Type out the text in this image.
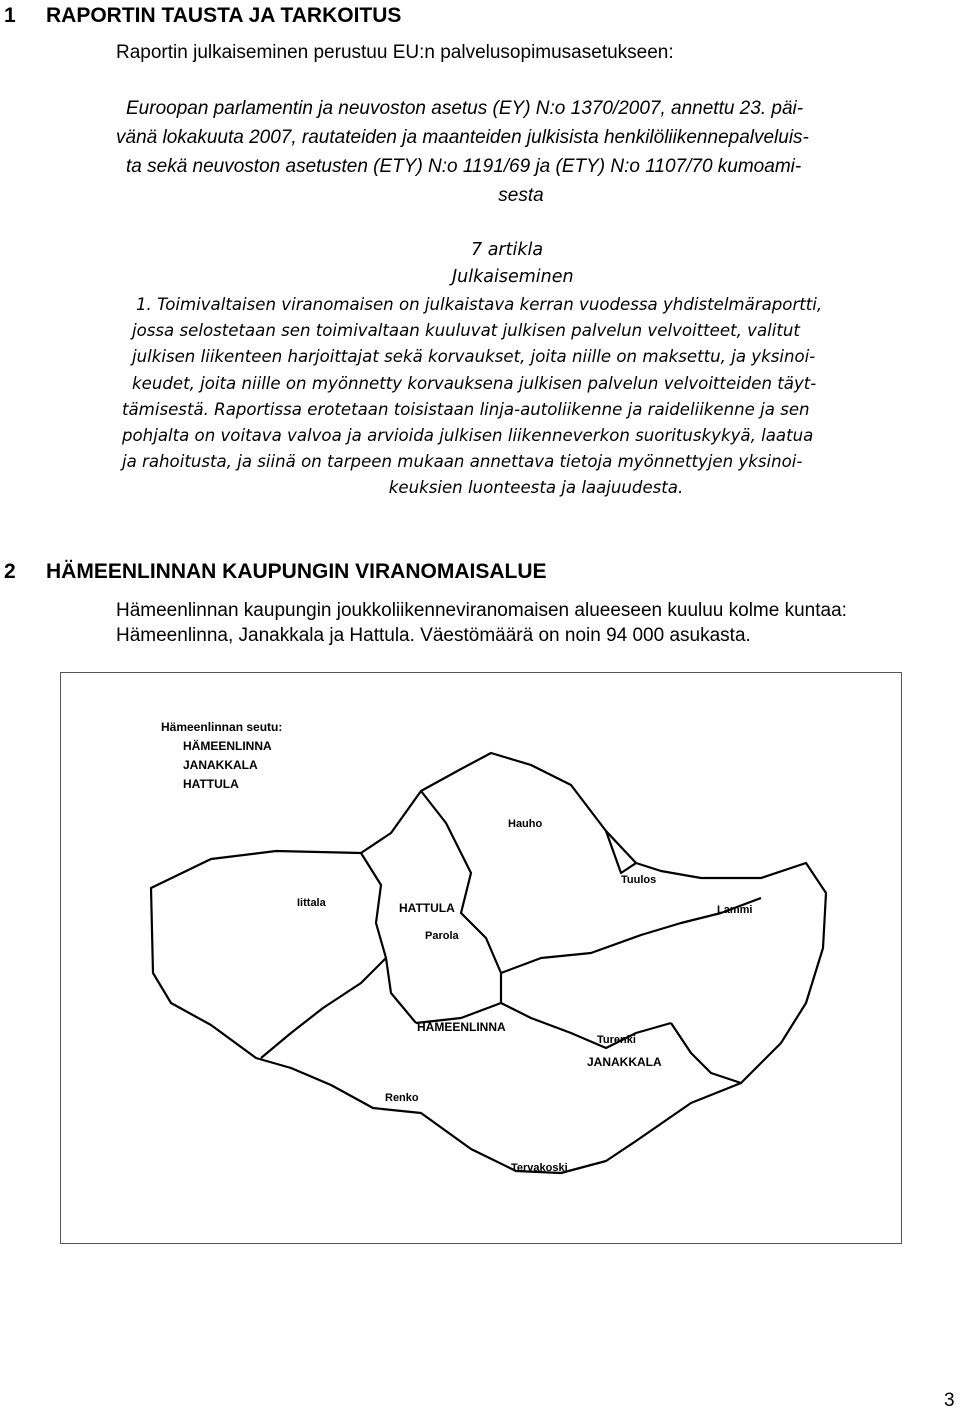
1 RAPORTIN TAUSTA JA TARKOITUS
Raportin julkaiseminen perustuu EU:n palvelusopimusasetukseen:
Euroopan parlamentin ja neuvoston asetus (EY) N:o 1370/2007, annettu 23. päi-
vänä lokakuuta 2007, rautateiden ja maanteiden julkisista henkilöliikennepalveluis-
ta sekä neuvoston asetusten (ETY) N:o 1191/69 ja (ETY) N:o 1107/70 kumoami-
sesta
7 artikla
Julkaiseminen
1. Toimivaltaisen viranomaisen on julkaistava kerran vuodessa yhdistelmäraportti,
jossa selostetaan sen toimivaltaan kuuluvat julkisen palvelun velvoitteet, valitut
julkisen liikenteen harjoittajat sekä korvaukset, joita niille on maksettu, ja yksinoi-
keudet, joita niille on myönnetty korvauksena julkisen palvelun velvoitteiden täyt-
tämisestä. Raportissa erotetaan toisistaan linja-autoliikenne ja raideliikenne ja sen
pohjalta on voitava valvoa ja arvioida julkisen liikenneverkon suorituskykyä, laatua
ja rahoitusta, ja siinä on tarpeen mukaan annettava tietoja myönnettyjen yksinoi-
keuksien luonteesta ja laajuudesta.
2 HÄMEENLINNAN KAUPUNGIN VIRANOMAISALUE
Hämeenlinnan kaupungin joukkoliikenneviranomaisen alueeseen kuuluu kolme kuntaa:
Hämeenlinna, Janakkala ja Hattula. Väestömäärä on noin 94 000 asukasta.
Hämeenlinnan seutu:
HÄMEENLINNA
JANAKKALA
HATTULA
Hauho
Tuulos
Lammi
Iittala	HATTULA
Parola
HÄMEENLINNA
Turenki
JANAKKALA
Renko
Tervakoski
3
